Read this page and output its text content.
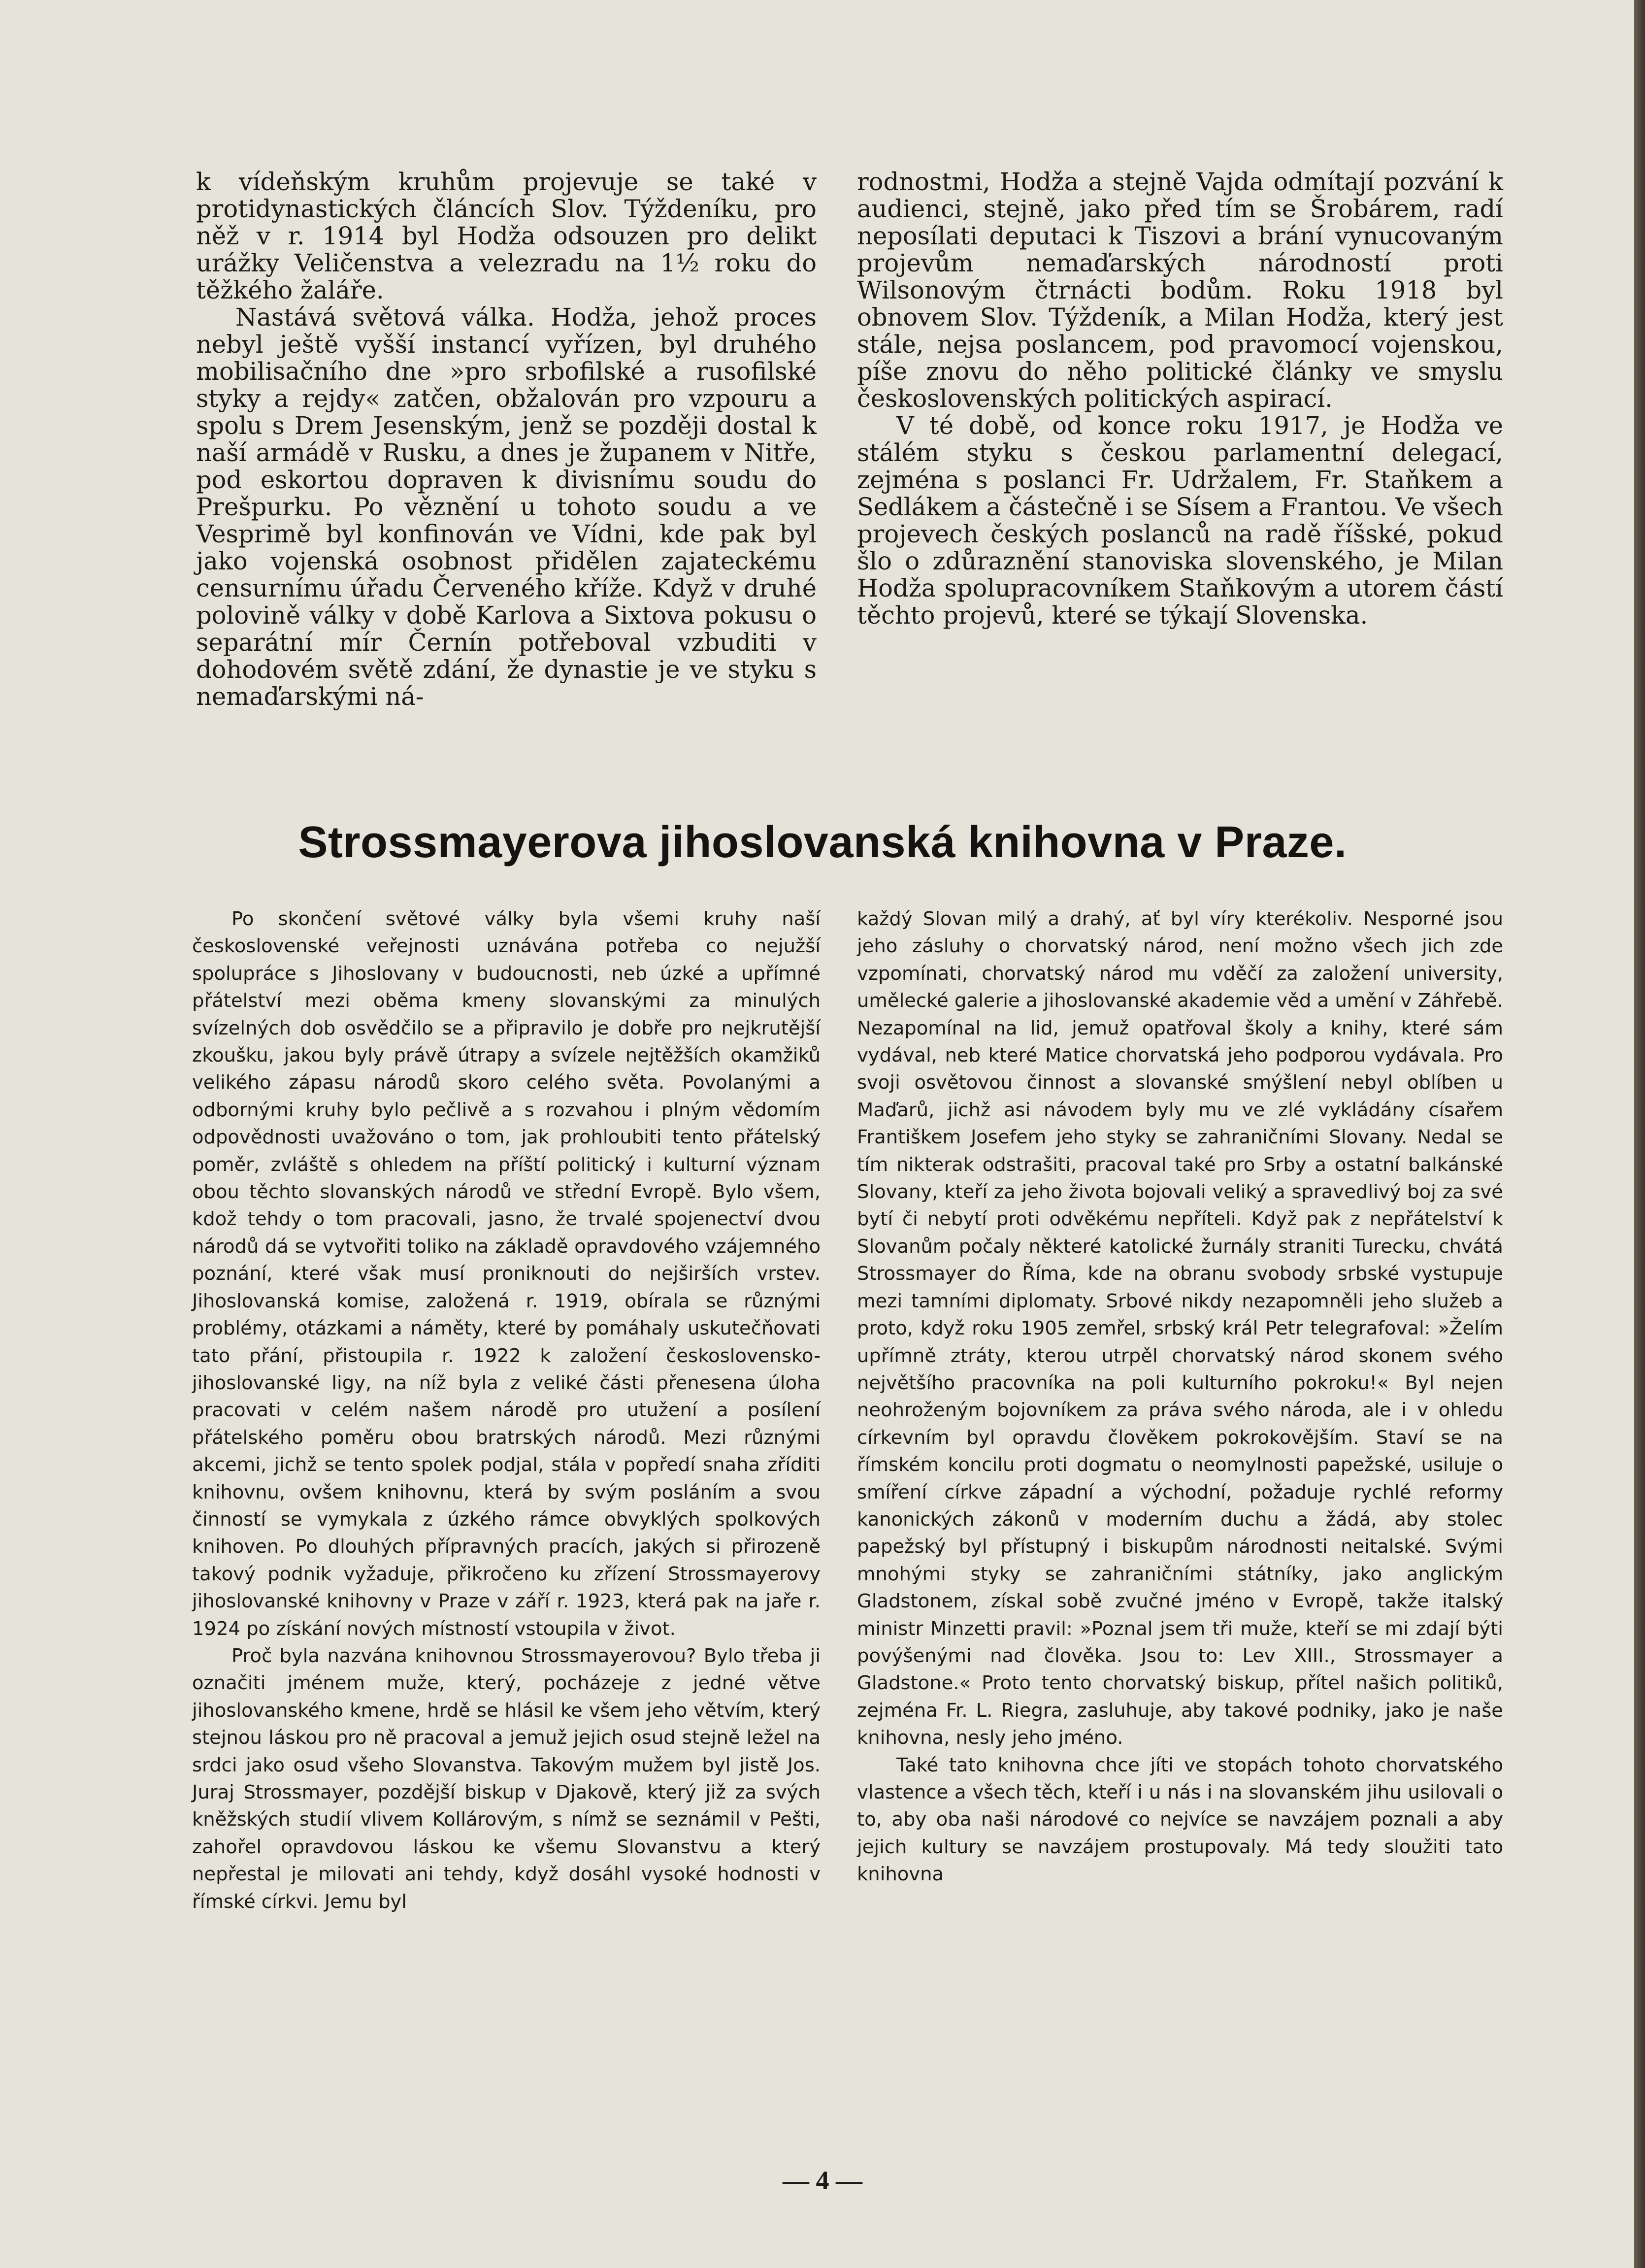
k vídeňským kruhům projevuje se také v protidynastických článcích Slov. Týždeníku, pro něž v r. 1914 byl Hodža odsouzen pro delikt urážky Veličenstva a velezradu na 1½ roku do těžkého žaláře.

Nastává světová válka. Hodža, jehož proces nebyl ještě vyšší instancí vyřízen, byl druhého mobilisačního dne »pro srbofilské a rusofilské styky a rejdy« zatčen, obžalován pro vzpouru a spolu s Drem Jesenským, jenž se později dostal k naší armádě v Rusku, a dnes je županem v Nitře, pod eskortou dopraven k divisnímu soudu do Prešpurku. Po věznění u tohoto soudu a ve Vesprimě byl konfinován ve Vídni, kde pak byl jako vojenská osobnost přidělen zajateckému censurnímu úřadu Červeného kříže. Když v druhé polovině války v době Karlova a Sixtova pokusu o separátní mír Černín potřeboval vzbuditi v dohodovém světě zdání, že dynastie je ve styku s nemaďarskými ná-

rodnostmi, Hodža a stejně Vajda odmítají pozvání k audienci, stejně, jako před tím se Šrobárem, radí neposílati deputaci k Tiszovi a brání vynucovaným projevům nemaďarských národností proti Wilsonovým čtrnácti bodům. Roku 1918 byl obnovem Slov. Týždeník, a Milan Hodža, který jest stále, nejsa poslancem, pod pravomocí vojenskou, píše znovu do něho politické články ve smyslu československých politických aspirací.

V té době, od konce roku 1917, je Hodža ve stálém styku s českou parlamentní delegací, zejména s poslanci Fr. Udržalem, Fr. Staňkem a Sedlákem a částečně i se Sísem a Frantou. Ve všech projevech českých poslanců na radě říšské, pokud šlo o zdůraznění stanoviska slovenského, je Milan Hodža spolupracovníkem Staňkovým a utorem částí těchto projevů, které se týkají Slovenska.

Strossmayerova jihoslovanská knihovna v Praze.

Po skončení světové války byla všemi kruhy naší československé veřejnosti uznávána potřeba co nejužší spolupráce s Jihoslovany v budoucnosti, neb úzké a upřímné přátelství mezi oběma kmeny slovanskými za minulých svízelných dob osvědčilo se a připravilo je dobře pro nejkrutější zkoušku, jakou byly právě útrapy a svízele nejtěžších okamžiků velikého zápasu národů skoro celého světa. Povolanými a odbornými kruhy bylo pečlivě a s rozvahou i plným vědomím odpovědnosti uvažováno o tom, jak prohloubiti tento přátelský poměr, zvláště s ohledem na příští politický i kulturní význam obou těchto slovanských národů ve střední Evropě. Bylo všem, kdož tehdy o tom pracovali, jasno, že trvalé spojenectví dvou národů dá se vytvořiti toliko na základě opravdového vzájemného poznání, které však musí proniknouti do nejširších vrstev. Jihoslovanská komise, založená r. 1919, obírala se různými problémy, otázkami a náměty, které by pomáhaly uskutečňovati tato přání, přistoupila r. 1922 k založení československo-jihoslovanské ligy, na níž byla z veliké části přenesena úloha pracovati v celém našem národě pro utužení a posílení přátelského poměru obou bratrských národů. Mezi různými akcemi, jichž se tento spolek podjal, stála v popředí snaha zříditi knihovnu, ovšem knihovnu, která by svým posláním a svou činností se vymykala z úzkého rámce obvyklých spolkových knihoven. Po dlouhých přípravných pracích, jakých si přirozeně takový podnik vyžaduje, přikročeno ku zřízení Strossmayerovy jihoslovanské knihovny v Praze v září r. 1923, která pak na jaře r. 1924 po získání nových místností vstoupila v život.

Proč byla nazvána knihovnou Strossmayerovou? Bylo třeba ji označiti jménem muže, který, pocházeje z jedné větve jihoslovanského kmene, hrdě se hlásil ke všem jeho větvím, který stejnou láskou pro ně pracoval a jemuž jejich osud stejně ležel na srdci jako osud všeho Slovanstva. Takovým mužem byl jistě Jos. Juraj Strossmayer, pozdější biskup v Djakově, který již za svých kněžských studií vlivem Kollárovým, s nímž se seznámil v Pešti, zahořel opravdovou láskou ke všemu Slovanstvu a který nepřestal je milovati ani tehdy, když dosáhl vysoké hodnosti v římské církvi. Jemu byl

každý Slovan milý a drahý, ať byl víry kterékoliv. Nesporné jsou jeho zásluhy o chorvatský národ, není možno všech jich zde vzpomínati, chorvatský národ mu vděčí za založení university, umělecké galerie a jihoslovanské akademie věd a umění v Záhřebě. Nezapomínal na lid, jemuž opatřoval školy a knihy, které sám vydával, neb které Matice chorvatská jeho podporou vydávala. Pro svoji osvětovou činnost a slovanské smýšlení nebyl oblíben u Maďarů, jichž asi návodem byly mu ve zlé vykládány císařem Františkem Josefem jeho styky se zahraničními Slovany. Nedal se tím nikterak odstrašiti, pracoval také pro Srby a ostatní balkánské Slovany, kteří za jeho života bojovali veliký a spravedlivý boj za své bytí či nebytí proti odvěkému nepříteli. Když pak z nepřátelství k Slovanům počaly některé katolické žurnály straniti Turecku, chvátá Strossmayer do Říma, kde na obranu svobody srbské vystupuje mezi tamními diplomaty. Srbové nikdy nezapomněli jeho služeb a proto, když roku 1905 zemřel, srbský král Petr telegrafoval: »Želím upřímně ztráty, kterou utrpěl chorvatský národ skonem svého největšího pracovníka na poli kulturního pokroku!« Byl nejen neohroženým bojovníkem za práva svého národa, ale i v ohledu církevním byl opravdu člověkem pokrokovějším. Staví se na římském koncilu proti dogmatu o neomylnosti papežské, usiluje o smíření církve západní a východní, požaduje rychlé reformy kanonických zákonů v moderním duchu a žádá, aby stolec papežský byl přístupný i biskupům národnosti neitalské. Svými mnohými styky se zahraničními státníky, jako anglickým Gladstonem, získal sobě zvučné jméno v Evropě, takže italský ministr Minzetti pravil: »Poznal jsem tři muže, kteří se mi zdají býti povýšenými nad člověka. Jsou to: Lev XIII., Strossmayer a Gladstone.« Proto tento chorvatský biskup, přítel našich politiků, zejména Fr. L. Riegra, zasluhuje, aby takové podniky, jako je naše knihovna, nesly jeho jméno.

Také tato knihovna chce jíti ve stopách tohoto chorvatského vlastence a všech těch, kteří i u nás i na slovanském jihu usilovali o to, aby oba naši národové co nejvíce se navzájem poznali a aby jejich kultury se navzájem prostupovaly. Má tedy sloužiti tato knihovna

— 4 —
